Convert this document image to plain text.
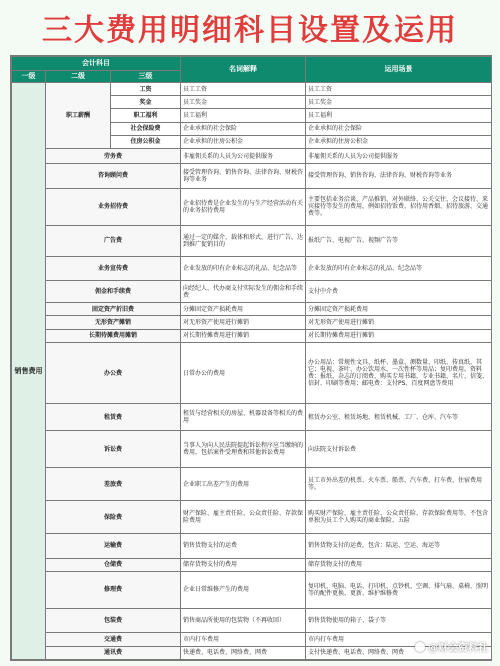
三大费用明细科目设置及运用
会计科目			名词解释	运用场景
一级	二级	三级		
销售费用	职工薪酬	工资	员工工资	员工工资
		奖金	员工奖金	员工奖金
		职工福利	员工福利	员工福利
		社会保险费	企业承担的社会保险	企业承担的社会保险
		住房公积金	企业承担的住房公积金	企业承担的住房公积金
	劳务费		非雇佣关系的人员为公司提供服务	非雇佣关系的人员为公司提供服务
	咨询顾问费		接受管理咨询、销售咨询、法律咨询、财税咨询等业务	接受管理咨询、销售咨询、法律咨询、财税咨询等业务
	业务招待费		企业招待费是企业发生的与生产经营活动有关的业务招待费用	主要包括业务洽谈、产品推销、对外联络、公关交往、会议接待、来宾接待等发生的费用，例如招待饭费、招待用香烟、招待旅游、交通费等。
	广告费		通过一定的媒介、载体和形式，进行广告，达到推广促销目的	报纸广告、电视广告、视频广告等
	业务宣传费		企业发放的印有企业标志的礼品、纪念品等	企业发放的印有企业标志的礼品、纪念品等
	佣金和手续费		向经纪人、代办商支付实际发生的佣金和手续费	支付中介费
	固定资产折旧费		分摊固定资产损耗费用	分摊固定资产损耗费用
	无形资产摊销		对无形资产使用进行摊销	对无形资产使用进行摊销
	长期待摊费用摊销		对长期待摊费用进行摊销	对长期待摊费用进行摊销
	办公费		日常办公的费用	办公用品：常规性文具、纸杯、墨盒、测数量、印纸、传真纸、其它；电视、茶叶、办公饮用水、一次性杯等用品；复印费用。资料费：报纸、杂志的订阅费、购买专用书籍、专业书籍、名片、信笺、信封、印刷等费用；邮电费：支付PS、百度网盘等费用
	租赁费		租赁与经营相关的房屋、机器设备等相关的费用	租赁办公室、租赁场地、租赁机械、工厂、仓库、汽车等
	诉讼费		当事人为向人民法院提起诉讼程序应当缴纳的费用，包括案件受理费和其他诉讼费用	向法院支付诉讼费
	差旅费		企业职工出差产生的费用	员工市外出差的机票、火车票、船票、汽车费、打车费、住宿费用等。
	保险费		财产保险、雇主责任险、公众责任险、存款保险费用	购买财产保险、雇主责任险、公众责任险、存款保险费用等，不包含单独为员工个人购买的商业保险、五险
	运输费		销售货物支付的运费	销售货物支付的运费，包含：陆运、空运、海运等
	仓储费		储存货物支付的费用	储存货物支付的费用
	修理费		企业日常维修产生的费用	复印机、电脑、电话、打印机、点钞机、空调、排气扇、桌椅、照明等的配件更换、更新、维护维修费
	包装费		销售商品所使用的包装物（不再收回）	销售货物使用的箱子、袋子等
	交通费		市内打车费用	市内打车费用
	通讯费		快递费、电话费、网络费、网费	支付快递费、电话费、网络费、网费	@财会资料社
